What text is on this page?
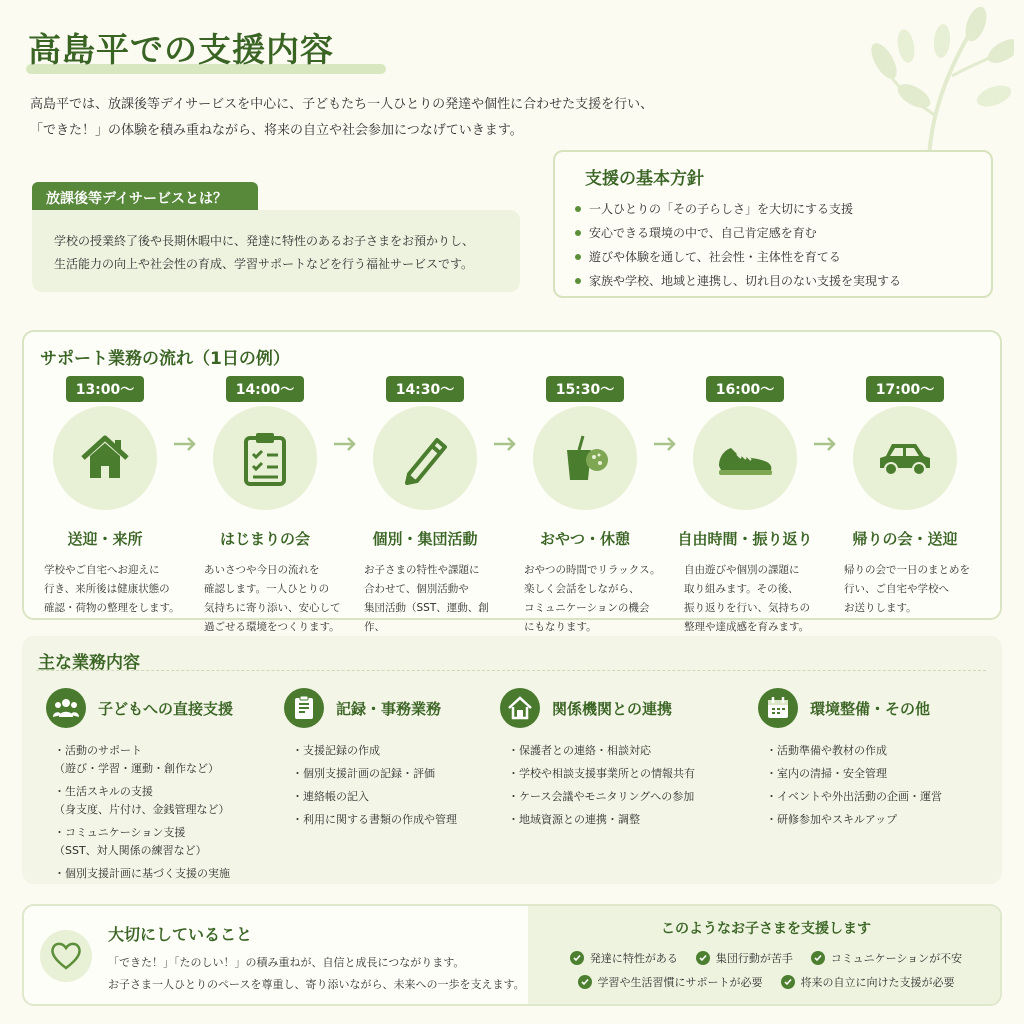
高島平での支援内容
高島平では、放課後等デイサービスを中心に、子どもたち一人ひとりの発達や個性に合わせた支援を行い、
「できた！」の体験を積み重ねながら、将来の自立や社会参加につなげていきます。
放課後等デイサービスとは？
学校の授業終了後や長期休暇中に、発達に特性のあるお子さまをお預かりし、
生活能力の向上や社会性の育成、学習サポートなどを行う福祉サービスです。
支援の基本方針
一人ひとりの「その子らしさ」を大切にする支援
安心できる環境の中で、自己肯定感を育む
遊びや体験を通して、社会性・主体性を育てる
家族や学校、地域と連携し、切れ目のない支援を実現する
サポート業務の流れ（1日の例）
13:00〜
送迎・来所
学校やご自宅へお迎えに
行き、来所後は健康状態の
確認・荷物の整理をします。
14:00〜
はじまりの会
あいさつや今日の流れを
確認します。一人ひとりの
気持ちに寄り添い、安心して
過ごせる環境をつくります。
14:30〜
個別・集団活動
お子さまの特性や課題に
合わせて、個別活動や
集団活動（SST、運動、創作、
15:30〜
おやつ・休憩
おやつの時間でリラックス。
楽しく会話をしながら、
コミュニケーションの機会
にもなります。
16:00〜
自由時間・振り返り
自由遊びや個別の課題に
取り組みます。その後、
振り返りを行い、気持ちの
整理や達成感を育みます。
17:00〜
帰りの会・送迎
帰りの会で一日のまとめを
行い、ご自宅や学校へ
お送りします。
主な業務内容
子どもへの直接支援
・活動のサポート
（遊び・学習・運動・創作など）
・生活スキルの支援
（身支度、片付け、金銭管理など）
・コミュニケーション支援
（SST、対人関係の練習など）
・個別支援計画に基づく支援の実施
記録・事務業務
・支援記録の作成
・個別支援計画の記録・評価
・連絡帳の記入
・利用に関する書類の作成や管理
関係機関との連携
・保護者との連絡・相談対応
・学校や相談支援事業所との情報共有
・ケース会議やモニタリングへの参加
・地域資源との連携・調整
環境整備・その他
・活動準備や教材の作成
・室内の清掃・安全管理
・イベントや外出活動の企画・運営
・研修参加やスキルアップ
大切にしていること
「できた！」「たのしい！」の積み重ねが、自信と成長につながります。
お子さま一人ひとりのペースを尊重し、寄り添いながら、未来への一歩を支えます。
このようなお子さまを支援します
発達に特性がある	集団行動が苦手	コミュニケーションが不安
学習や生活習慣にサポートが必要	将来の自立に向けた支援が必要
